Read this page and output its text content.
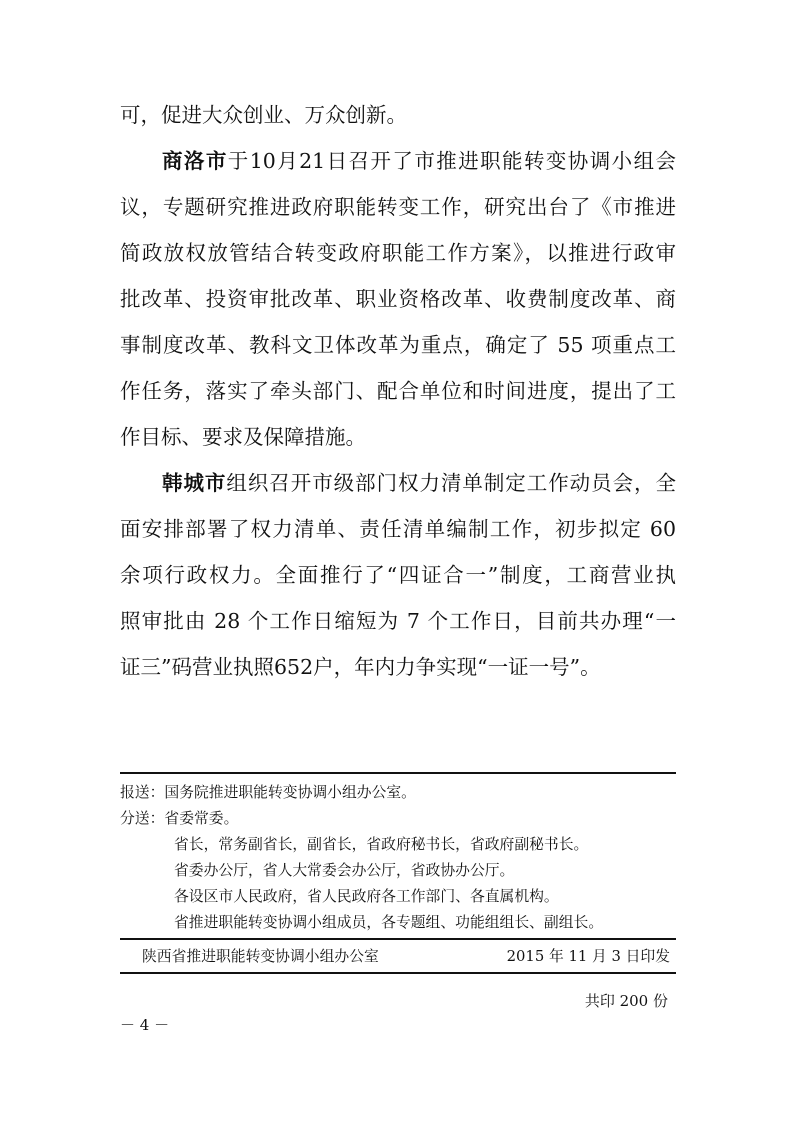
可，促进大众创业、万众创新。
商洛市于10月21日召开了市推进职能转变协调小组会
议，专题研究推进政府职能转变工作，研究出台了《市推进
简政放权放管结合转变政府职能工作方案》，以推进行政审
批改革、投资审批改革、职业资格改革、收费制度改革、商
事制度改革、教科文卫体改革为重点，确定了 55 项重点工
作任务，落实了牵头部门、配合单位和时间进度，提出了工
作目标、要求及保障措施。
韩城市组织召开市级部门权力清单制定工作动员会，全
面安排部署了权力清单、责任清单编制工作，初步拟定 60
余项行政权力。全面推行了“四证合一”制度，工商营业执
照审批由 28 个工作日缩短为 7 个工作日，目前共办理“一
证三”码营业执照652户，年内力争实现“一证一号”。
报送：国务院推进职能转变协调小组办公室。
分送：省委常委。
省长，常务副省长，副省长，省政府秘书长，省政府副秘书长。
省委办公厅，省人大常委会办公厅，省政协办公厅。
各设区市人民政府，省人民政府各工作部门、各直属机构。
省推进职能转变协调小组成员，各专题组、功能组组长、副组长。
陕西省推进职能转变协调小组办公室	2015 年 11 月 3 日印发
共印 200 份
－ 4 －
